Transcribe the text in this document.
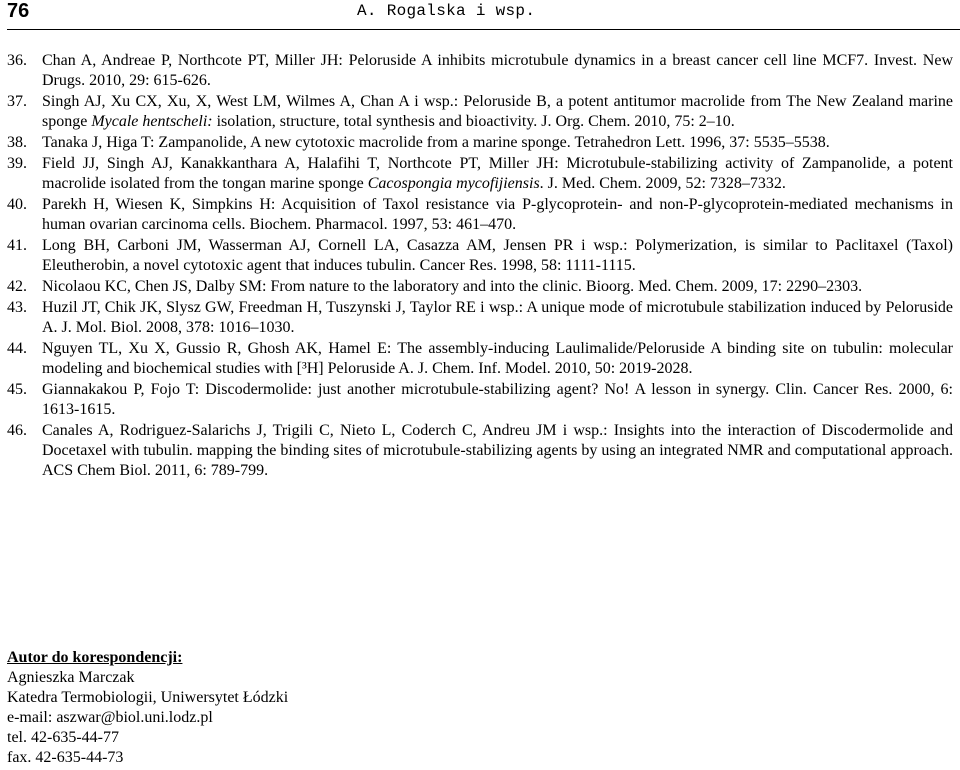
76	A. Rogalska i wsp.
36. Chan A, Andreae P, Northcote PT, Miller JH: Peloruside A inhibits microtubule dynamics in a breast cancer cell line MCF7. Invest. New Drugs. 2010, 29: 615-626.
37. Singh AJ, Xu CX, Xu, X, West LM, Wilmes A, Chan A i wsp.: Peloruside B, a potent antitumor macrolide from The New Zealand marine sponge Mycale hentscheli: isolation, structure, total synthesis and bioactivity. J. Org. Chem. 2010, 75: 2–10.
38. Tanaka J, Higa T: Zampanolide, A new cytotoxic macrolide from a marine sponge. Tetrahedron Lett. 1996, 37: 5535–5538.
39. Field JJ, Singh AJ, Kanakkanthara A, Halafihi T, Northcote PT, Miller JH: Microtubule-stabilizing activity of Zampanolide, a potent macrolide isolated from the tongan marine sponge Cacospongia mycofijiensis. J. Med. Chem. 2009, 52: 7328–7332.
40. Parekh H, Wiesen K, Simpkins H: Acquisition of Taxol resistance via P-glycoprotein- and non-P-glycoprotein-mediated mechanisms in human ovarian carcinoma cells. Biochem. Pharmacol. 1997, 53: 461–470.
41. Long BH, Carboni JM, Wasserman AJ, Cornell LA, Casazza AM, Jensen PR i wsp.: Polymerization, is similar to Paclitaxel (Taxol) Eleutherobin, a novel cytotoxic agent that induces tubulin. Cancer Res. 1998, 58: 1111-1115.
42. Nicolaou KC, Chen JS, Dalby SM: From nature to the laboratory and into the clinic. Bioorg. Med. Chem. 2009, 17: 2290–2303.
43. Huzil JT, Chik JK, Slysz GW, Freedman H, Tuszynski J, Taylor RE i wsp.: A unique mode of microtubule stabilization induced by Peloruside A. J. Mol. Biol. 2008, 378: 1016–1030.
44. Nguyen TL, Xu X, Gussio R, Ghosh AK, Hamel E: The assembly-inducing Laulimalide/Peloruside A binding site on tubulin: molecular modeling and biochemical studies with [³H] Peloruside A. J. Chem. Inf. Model. 2010, 50: 2019-2028.
45. Giannakakou P, Fojo T: Discodermolide: just another microtubule-stabilizing agent? No! A lesson in synergy. Clin. Cancer Res. 2000, 6: 1613-1615.
46. Canales A, Rodriguez-Salarichs J, Trigili C, Nieto L, Coderch C, Andreu JM i wsp.: Insights into the interaction of Discodermolide and Docetaxel with tubulin. mapping the binding sites of microtubule-stabilizing agents by using an integrated NMR and computational approach. ACS Chem Biol. 2011, 6: 789-799.
Autor do korespondencji:
Agnieszka Marczak
Katedra Termobiologii, Uniwersytet Łódzki
e-mail: aszwar@biol.uni.lodz.pl
tel. 42-635-44-77
fax. 42-635-44-73
